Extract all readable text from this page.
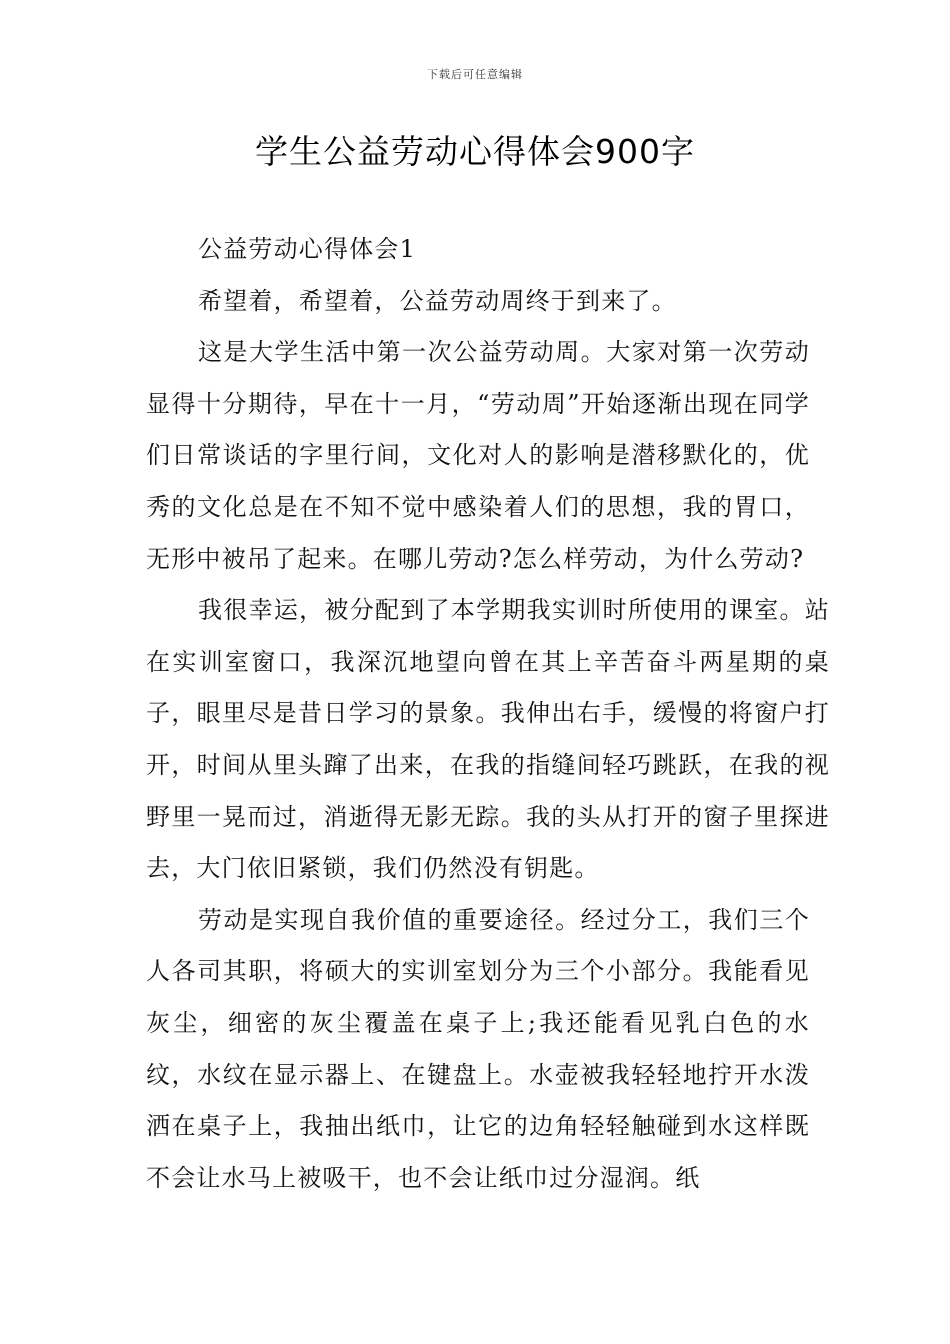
下载后可任意编辑
学生公益劳动心得体会900字

公益劳动心得体会1

希望着，希望着，公益劳动周终于到来了。

这是大学生活中第一次公益劳动周。大家对第一次劳动显得十分期待，早在十一月，“劳动周”开始逐渐出现在同学们日常谈话的字里行间，文化对人的影响是潜移默化的，优秀的文化总是在不知不觉中感染着人们的思想，我的胃口，无形中被吊了起来。在哪儿劳动?怎么样劳动，为什么劳动?

我很幸运，被分配到了本学期我实训时所使用的课室。站在实训室窗口，我深沉地望向曾在其上辛苦奋斗两星期的桌子，眼里尽是昔日学习的景象。我伸出右手，缓慢的将窗户打开，时间从里头蹿了出来，在我的指缝间轻巧跳跃，在我的视野里一晃而过，消逝得无影无踪。我的头从打开的窗子里探进去，大门依旧紧锁，我们仍然没有钥匙。

劳动是实现自我价值的重要途径。经过分工，我们三个人各司其职，将硕大的实训室划分为三个小部分。我能看见灰尘，细密的灰尘覆盖在桌子上;我还能看见乳白色的水纹，水纹在显示器上、在键盘上。水壶被我轻轻地拧开水泼洒在桌子上，我抽出纸巾，让它的边角轻轻触碰到水这样既不会让水马上被吸干，也不会让纸巾过分湿润。纸
